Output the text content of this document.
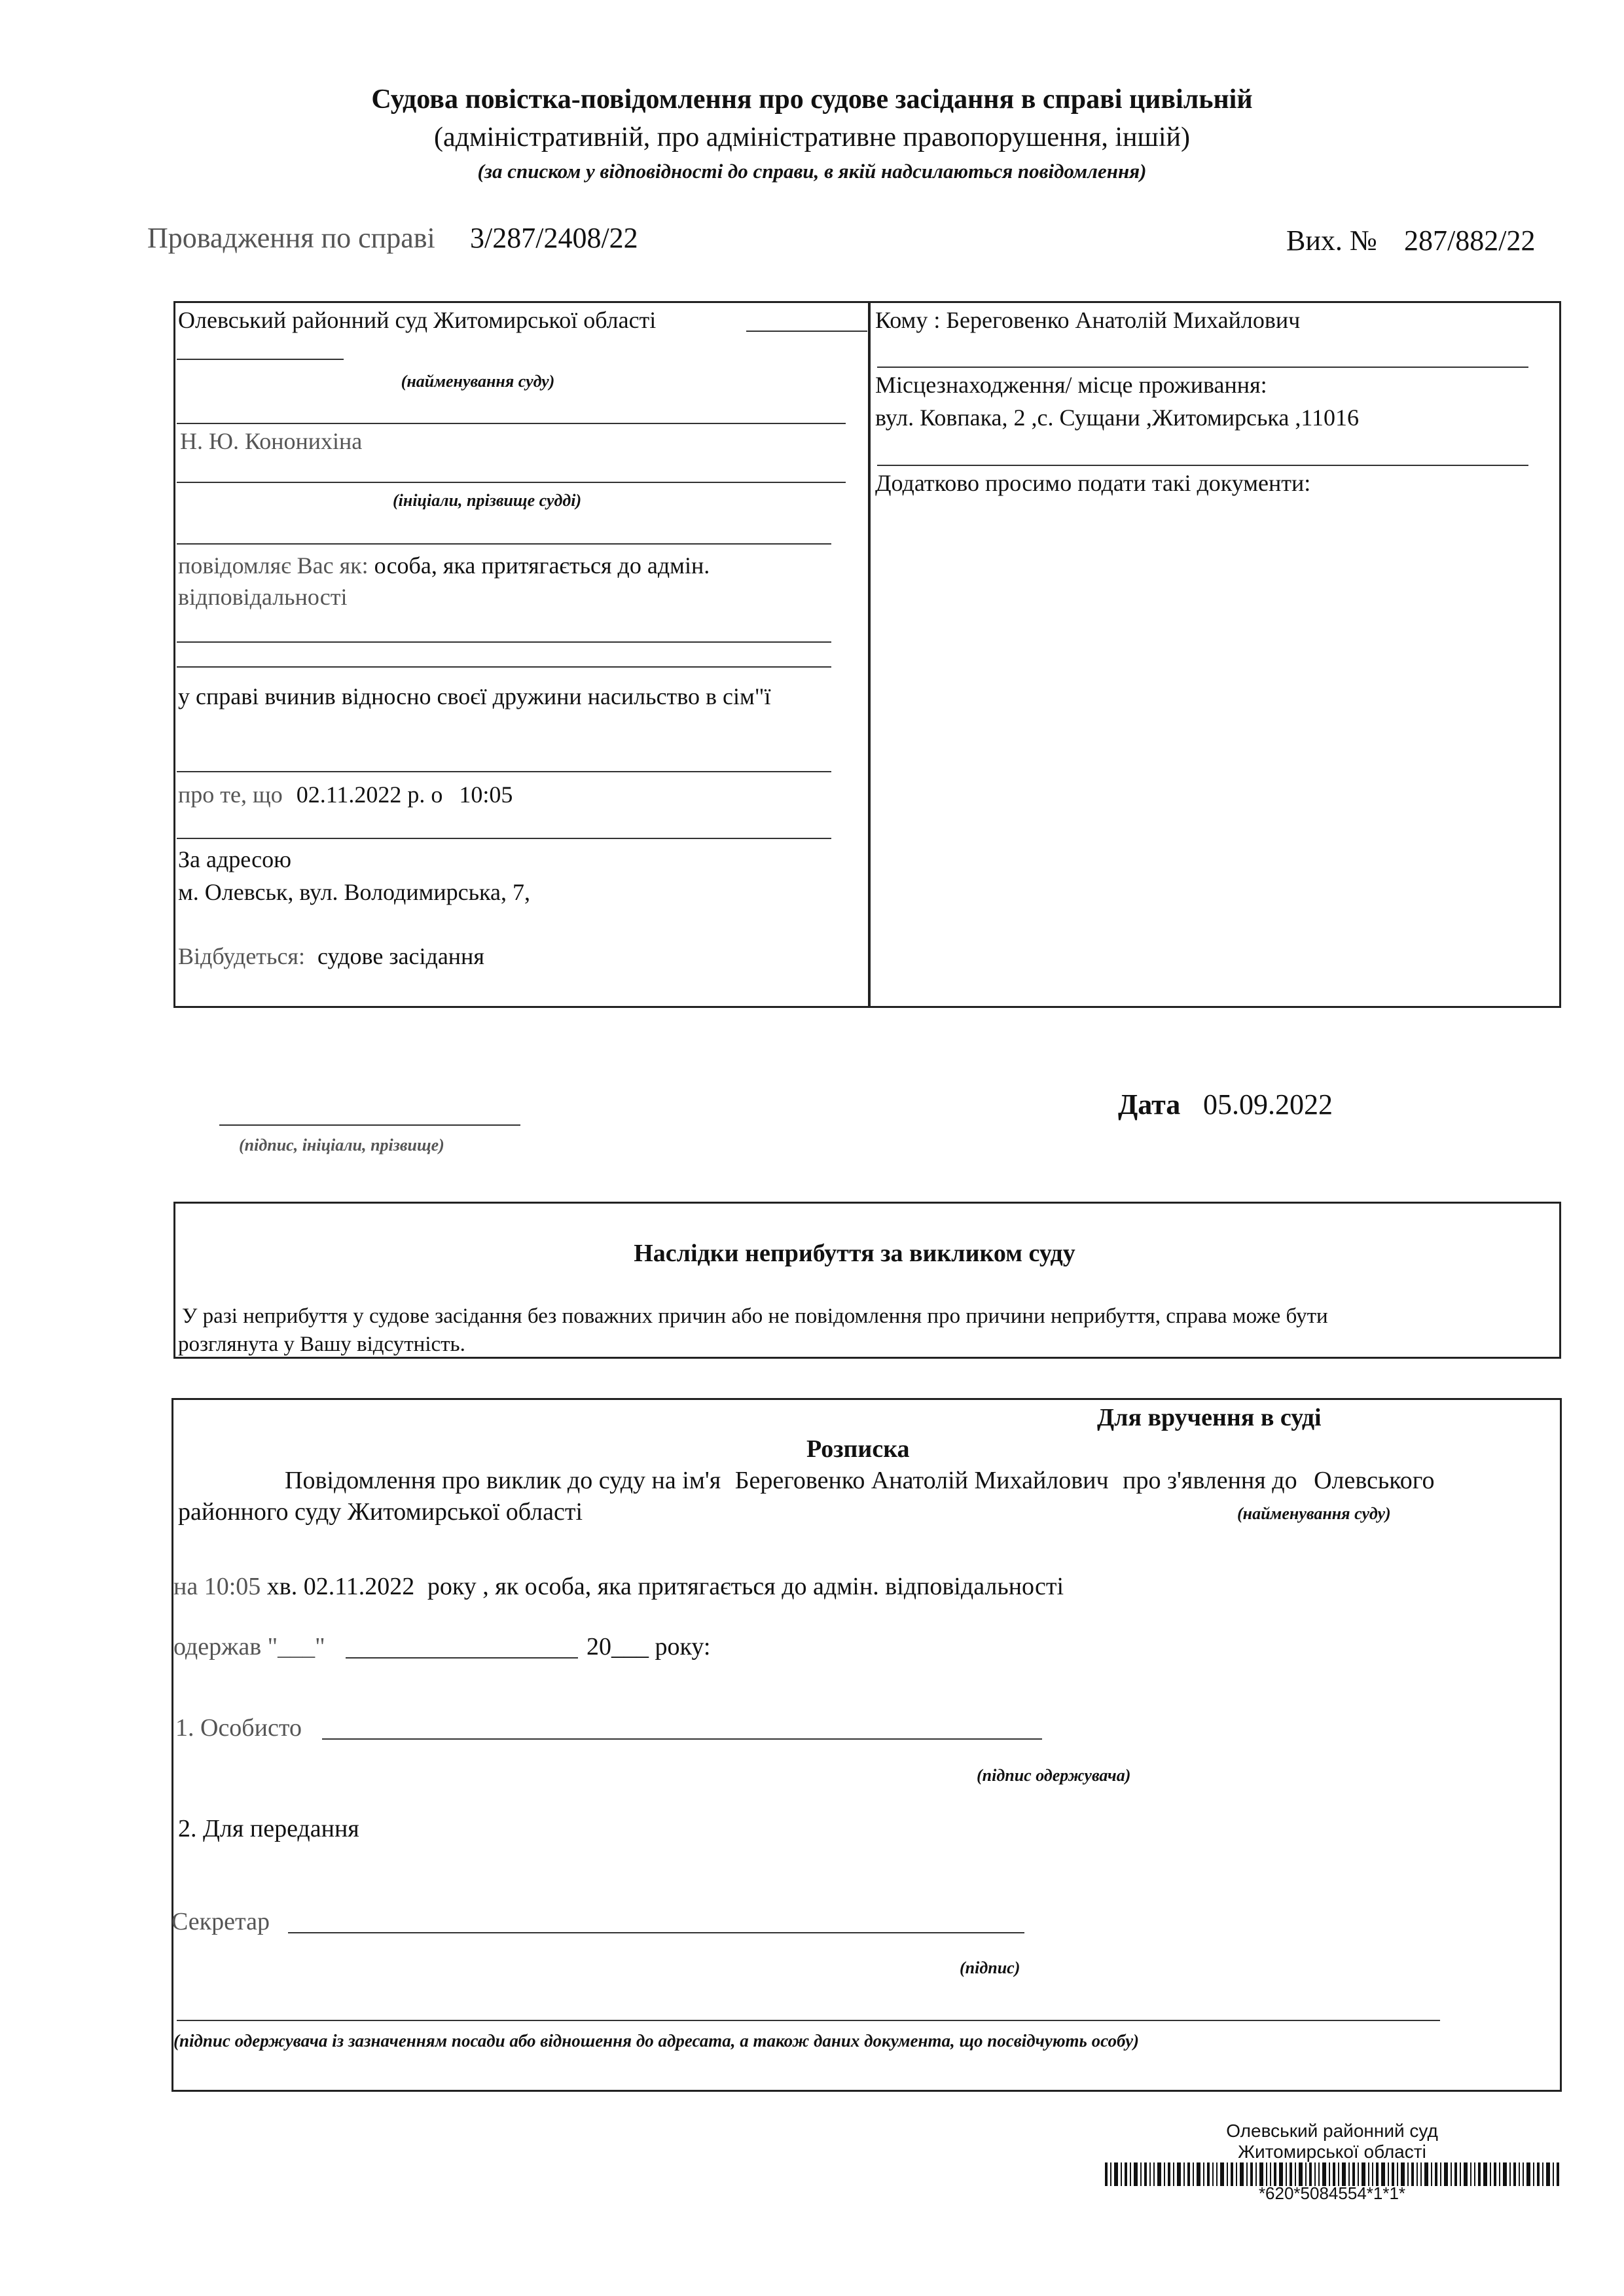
Судова повістка-повідомлення про судове засідання в справі цивільній
(адміністративній, про адміністративне правопорушення, іншій)
(за списком у відповідності до справи, в якій надсилаються повідомлення)
Провадження по справі 3/287/2408/22	Вих. № 287/882/22
Олевський районний суд Житомирської області
(найменування суду)
Н. Ю. Кононихіна
(ініціали, прізвище судді)
повідомляє Вас як: особа, яка притягається до адмін.
відповідальності
у справі вчинив відносно своєї дружини насильство в сім"ї
про те, що 02.11.2022 р. о 10:05
За адресою
м. Олевськ, вул. Володимирська, 7,
Відбудеться: судове засідання
Кому : Береговенко Анатолій Михайлович
Місцезнаходження/ місце проживання:
вул. Ковпака, 2 ,с. Сущани ,Житомирська ,11016
Додатково просимо подати такі документи:
(підпис, ініціали, прізвище)
Дата 05.09.2022
Наслідки неприбуття за викликом суду
У разі неприбуття у судове засідання без поважних причин або не повідомлення про причини неприбуття, справа може бути
розглянута у Вашу відсутність.
Для вручення в суді
Розписка
Повідомлення про виклик до суду на ім'я Береговенко Анатолій Михайлович про з'явлення до Олевського
районного суду Житомирської області	(найменування суду)
на 10:05 хв. 02.11.2022 року , як особа, яка притягається до адмін. відповідальності
одержав "___"	20___ року:
1. Особисто
(підпис одержувача)
2. Для передання
Секретар
(підпис)
(підпис одержувача із зазначенням посади або відношення до адресата, а також даних документа, що посвідчують особу)
Олевський районний суд
Житомирської області
*620*5084554*1*1*
